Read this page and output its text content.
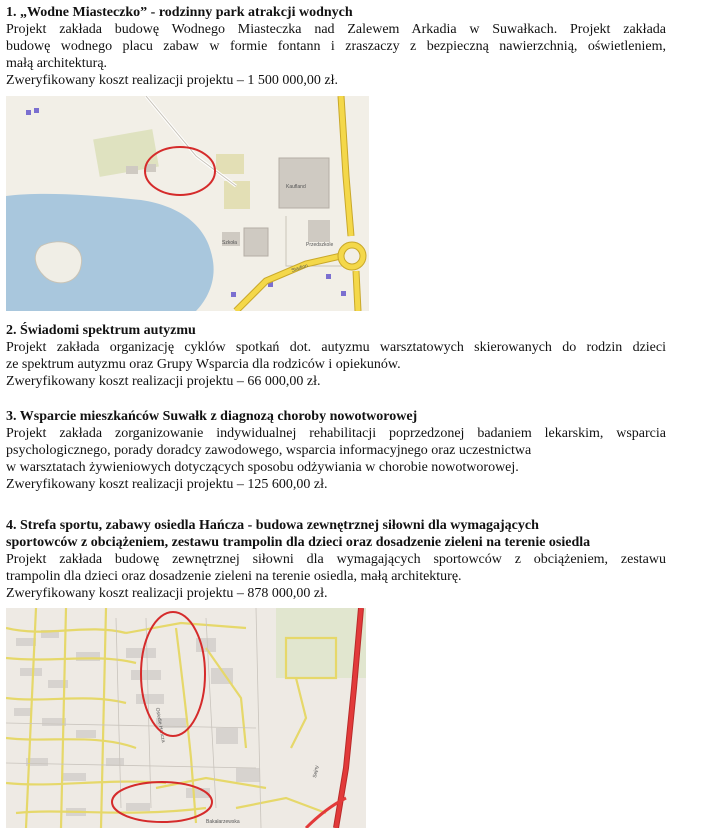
1. „Wodne Miasteczko” - rodzinny park atrakcji wodnych

Projekt zakłada budowę Wodnego Miasteczka nad Zalewem Arkadia w Suwałkach. Projekt zakłada

budowę wodnego placu zabaw w formie fontann i zraszaczy z bezpieczną nawierzchnią, oświetleniem,

małą architekturą.

Zweryfikowany koszt realizacji projektu – 1 500 000,00 zł.

Kaufland
Szkoła	Przedszkole
Stadion

2. Świadomi spektrum autyzmu

Projekt zakłada organizację cyklów spotkań dot. autyzmu warsztatowych skierowanych do rodzin dzieci

ze spektrum autyzmu oraz Grupy Wsparcia dla rodziców i opiekunów.

Zweryfikowany koszt realizacji projektu – 66 000,00 zł.

3. Wsparcie mieszkańców Suwałk z diagnozą choroby nowotworowej

Projekt zakłada zorganizowanie indywidualnej rehabilitacji poprzedzonej badaniem lekarskim, wsparcia

psychologicznego, porady doradcy zawodowego, wsparcia informacyjnego oraz uczestnictwa

w warsztatach żywieniowych dotyczących sposobu odżywiania w chorobie nowotworowej.

Zweryfikowany koszt realizacji projektu – 125 600,00 zł.

4. Strefa sportu, zabawy osiedla Hańcza - budowa zewnętrznej siłowni dla wymagających

sportowców z obciążeniem, zestawu trampolin dla dzieci oraz dosadzenie zieleni na terenie osiedla

Projekt zakłada budowę zewnętrznej siłowni dla wymagających sportowców z obciążeniem, zestawu

trampolin dla dzieci oraz dosadzenie zieleni na terenie osiedla, małą architekturę.

Zweryfikowany koszt realizacji projektu – 878 000,00 zł.

Osiedle Hańcza
Sejny
Bakałarzewska
